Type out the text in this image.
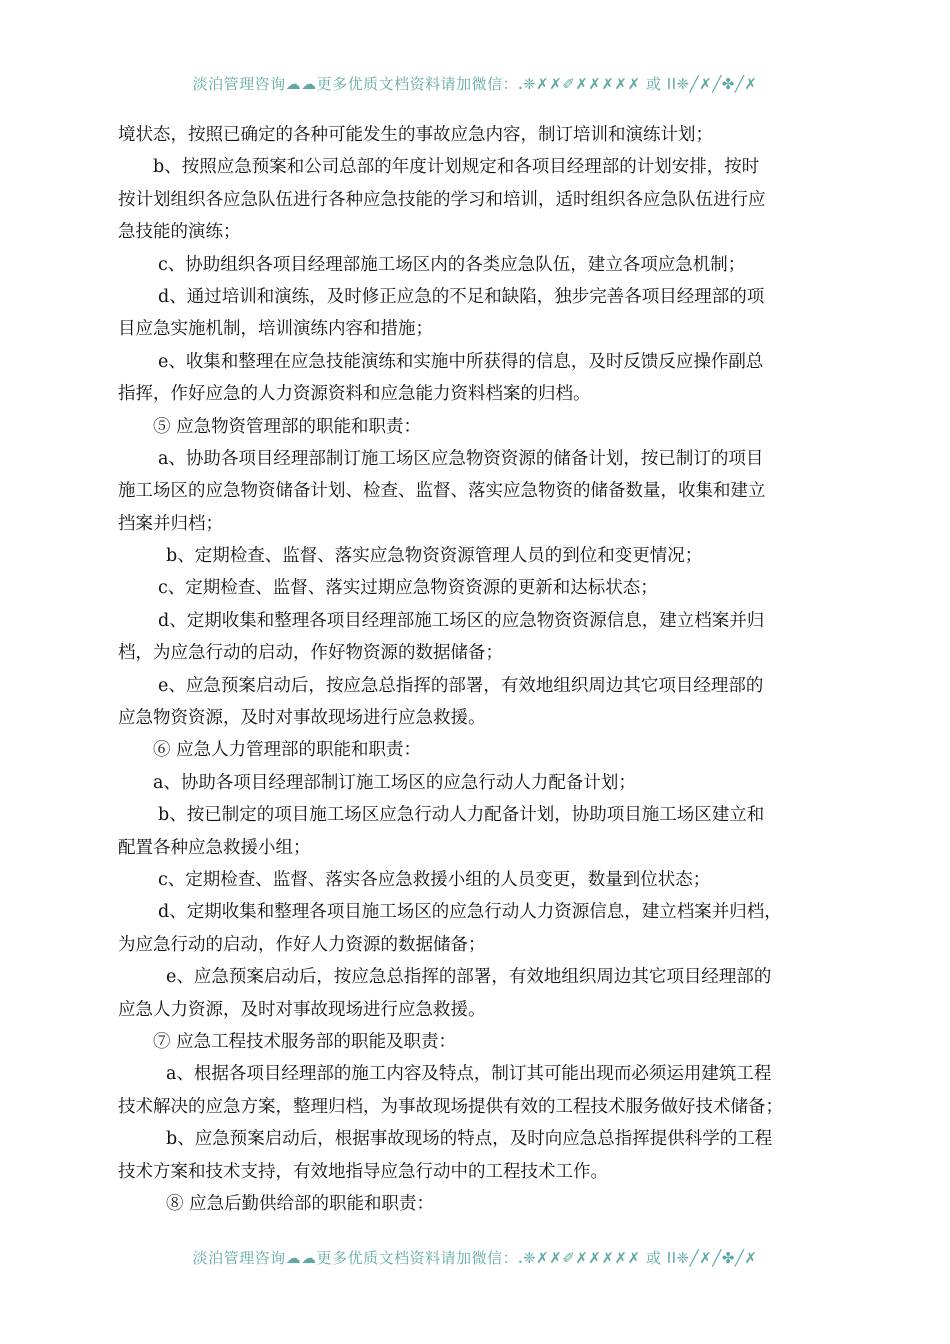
淡泊管理咨询☁☁更多优质文档资料请加微信：ꓸ❈✗✗✐✗✗✗✗✗ 或 ꓲꓲ❈╱✗╱✤╱✗
境状态，按照已确定的各种可能发生的事故应急内容，制订培训和演练计划；
b、按照应急预案和公司总部的年度计划规定和各项目经理部的计划安排，按时
按计划组织各应急队伍进行各种应急技能的学习和培训，适时组织各应急队伍进行应
急技能的演练；
c、协助组织各项目经理部施工场区内的各类应急队伍，建立各项应急机制；
d、通过培训和演练，及时修正应急的不足和缺陷，独步完善各项目经理部的项
目应急实施机制，培训演练内容和措施；
e、收集和整理在应急技能演练和实施中所获得的信息，及时反馈反应操作副总
指挥，作好应急的人力资源资料和应急能力资料档案的归档。
⑤ 应急物资管理部的职能和职责：
a、协助各项目经理部制订施工场区应急物资资源的储备计划，按已制订的项目
施工场区的应急物资储备计划、检查、监督、落实应急物资的储备数量，收集和建立
挡案并归档；
b、定期检查、监督、落实应急物资资源管理人员的到位和变更情况；
c、定期检查、监督、落实过期应急物资资源的更新和达标状态；
d、定期收集和整理各项目经理部施工场区的应急物资资源信息，建立档案并归
档，为应急行动的启动，作好物资源的数据储备；
e、应急预案启动后，按应急总指挥的部署，有效地组织周边其它项目经理部的
应急物资资源，及时对事故现场进行应急救援。
⑥ 应急人力管理部的职能和职责：
a、协助各项目经理部制订施工场区的应急行动人力配备计划；
b、按已制定的项目施工场区应急行动人力配备计划，协助项目施工场区建立和
配置各种应急救援小组；
c、定期检查、监督、落实各应急救援小组的人员变更，数量到位状态；
d、定期收集和整理各项目施工场区的应急行动人力资源信息，建立档案并归档，
为应急行动的启动，作好人力资源的数据储备；
e、应急预案启动后，按应急总指挥的部署，有效地组织周边其它项目经理部的
应急人力资源，及时对事故现场进行应急救援。
⑦ 应急工程技术服务部的职能及职责：
a、根据各项目经理部的施工内容及特点，制订其可能出现而必须运用建筑工程
技术解决的应急方案，整理归档，为事故现场提供有效的工程技术服务做好技术储备；
b、应急预案启动后，根据事故现场的特点，及时向应急总指挥提供科学的工程
技术方案和技术支持，有效地指导应急行动中的工程技术工作。
⑧ 应急后勤供给部的职能和职责：
淡泊管理咨询☁☁更多优质文档资料请加微信：ꓸ❈✗✗✐✗✗✗✗✗ 或 ꓲꓲ❈╱✗╱✤╱✗
